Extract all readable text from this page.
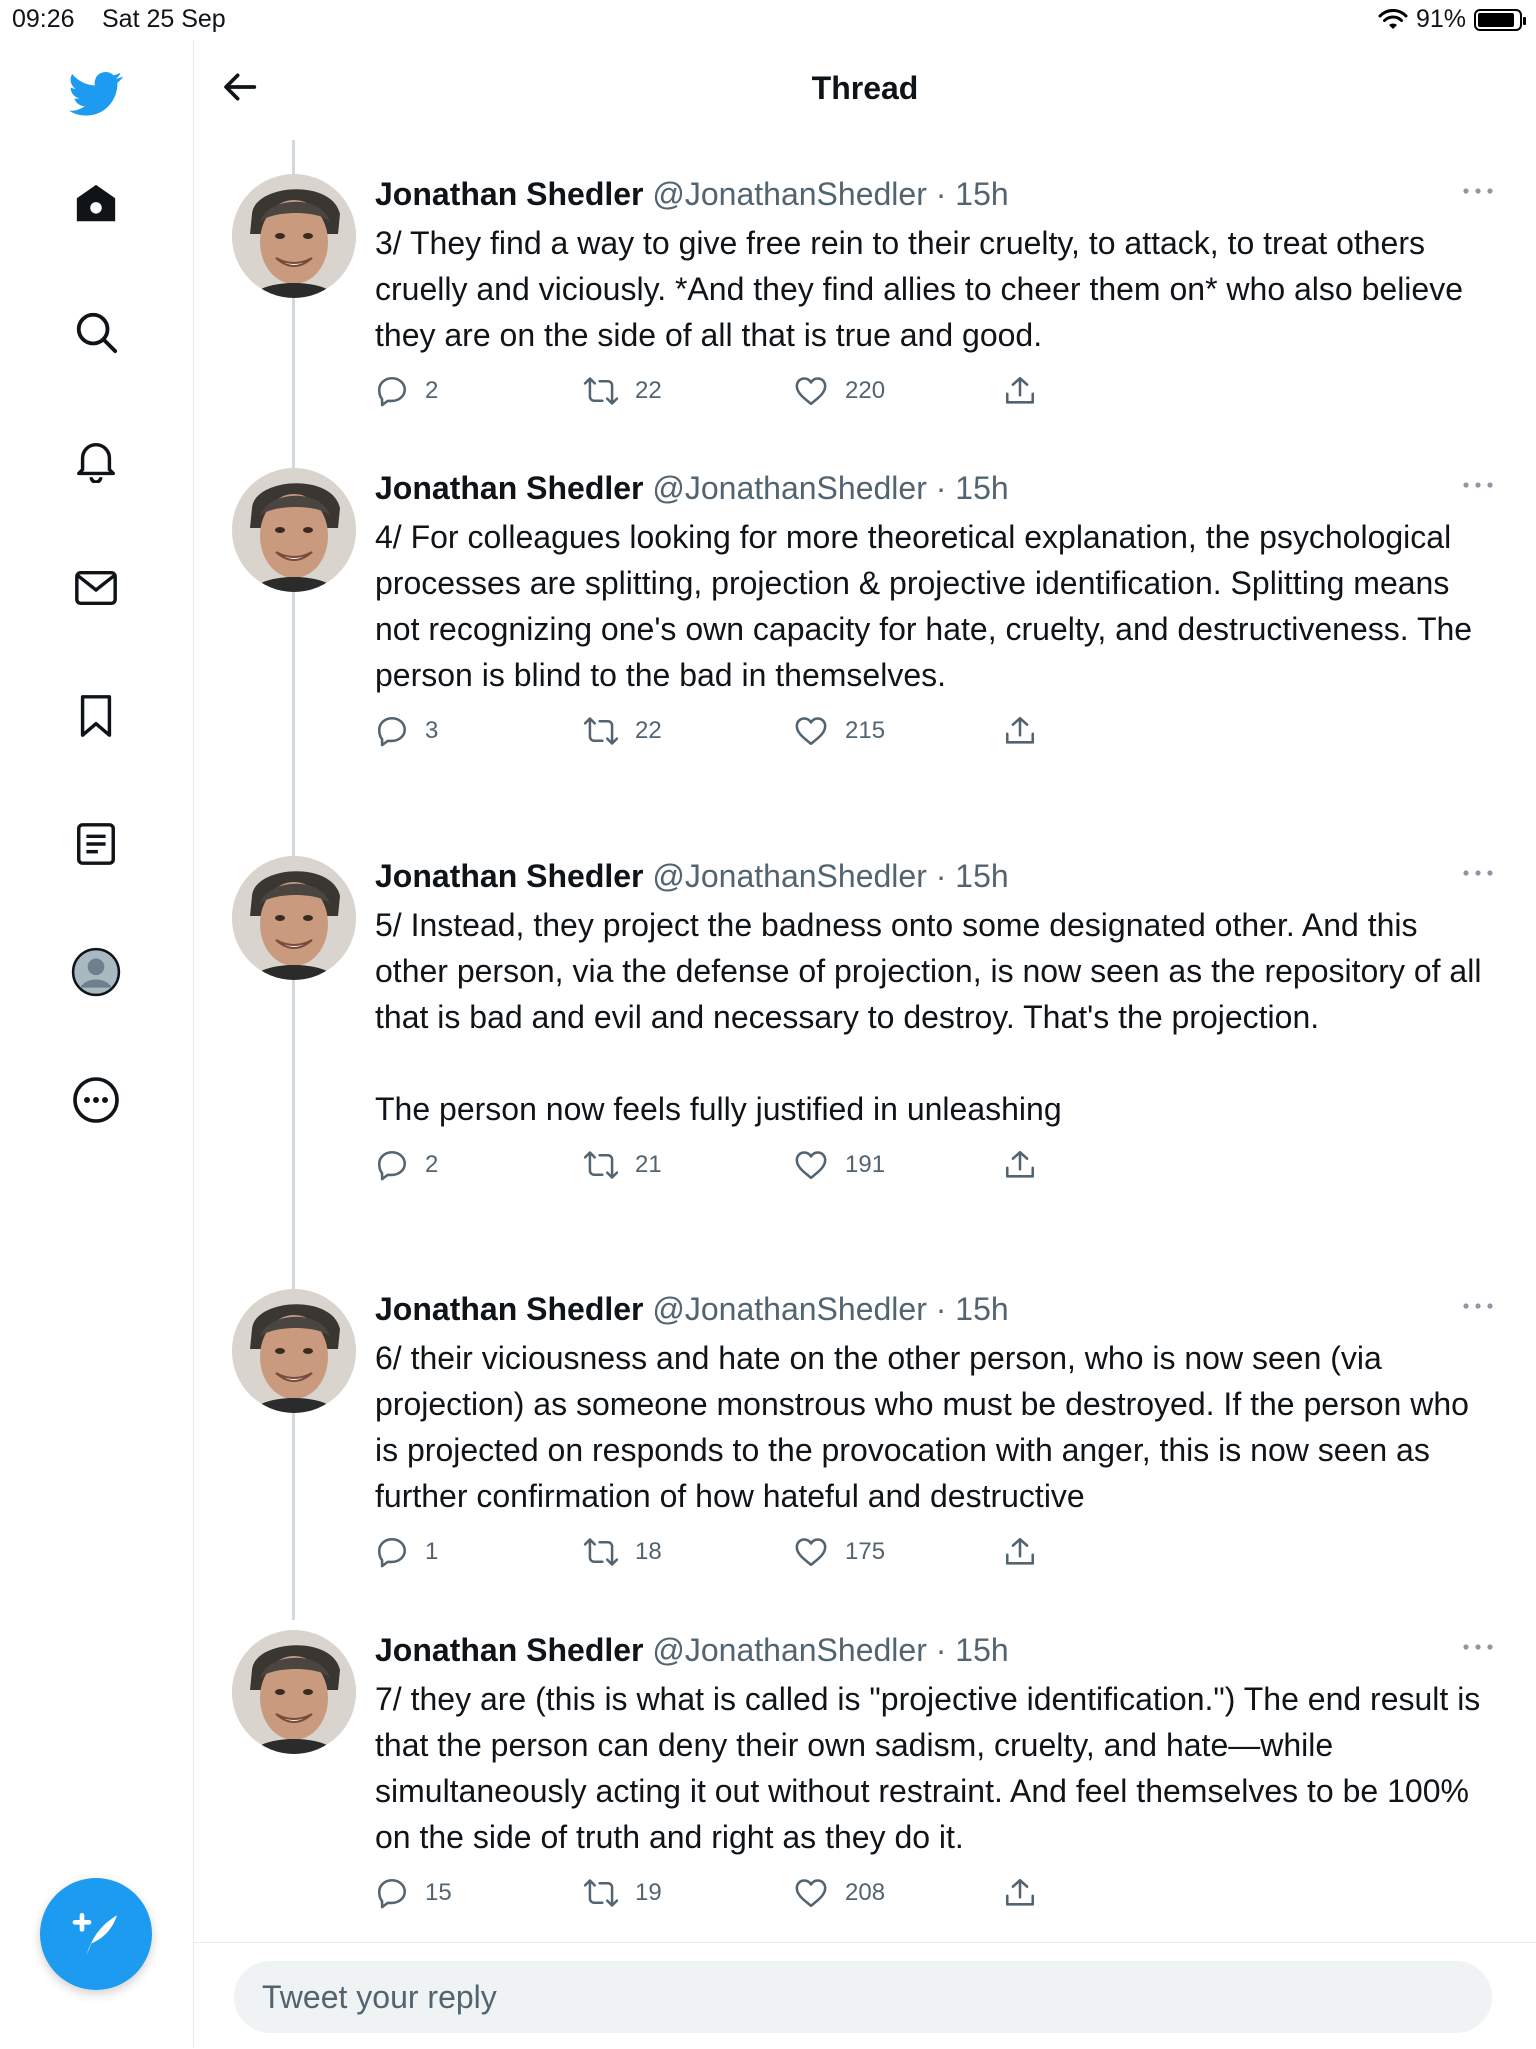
09:26 Sat 25 Sep	91%
Thread
Jonathan Shedler @JonathanShedler · 15h
3/ They find a way to give free rein to their cruelty, to attack, to treat others cruelly and viciously. *And they find allies to cheer them on* who also believe they are on the side of all that is true and good.
2	22	220
Jonathan Shedler @JonathanShedler · 15h
4/ For colleagues looking for more theoretical explanation, the psychological processes are splitting, projection & projective identification. Splitting means not recognizing one's own capacity for hate, cruelty, and destructiveness. The person is blind to the bad in themselves.
3	22	215
Jonathan Shedler @JonathanShedler · 15h
5/ Instead, they project the badness onto some designated other. And this other person, via the defense of projection, is now seen as the repository of all that is bad and evil and necessary to destroy. That's the projection.

The person now feels fully justified in unleashing
2	21	191
Jonathan Shedler @JonathanShedler · 15h
6/ their viciousness and hate on the other person, who is now seen (via projection) as someone monstrous who must be destroyed. If the person who is projected on responds to the provocation with anger, this is now seen as further confirmation of how hateful and destructive
1	18	175
Jonathan Shedler @JonathanShedler · 15h
7/ they are (this is what is called is "projective identification.") The end result is that the person can deny their own sadism, cruelty, and hate—while simultaneously acting it out without restraint. And feel themselves to be 100% on the side of truth and right as they do it.
15	19	208
Tweet your reply
